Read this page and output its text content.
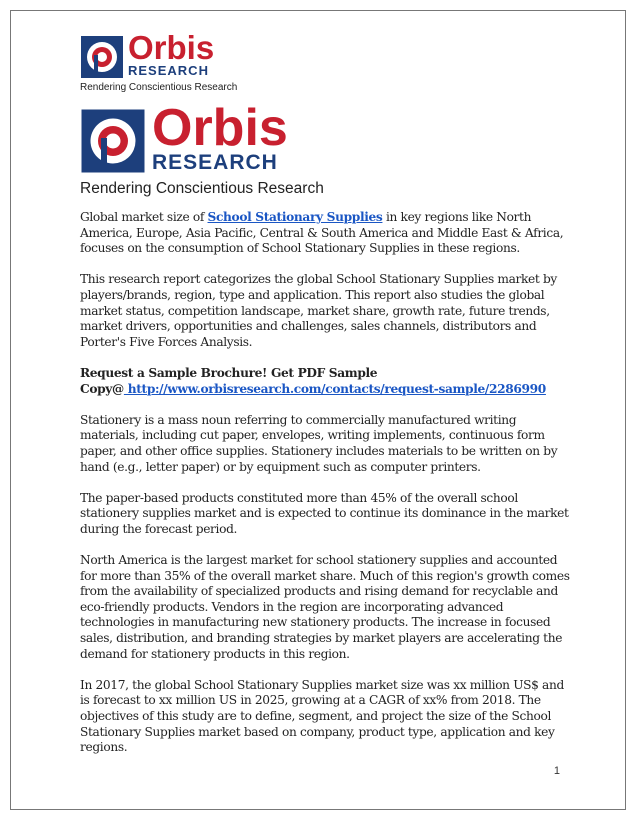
Orbis
RESEARCH
Rendering Conscientious Research
Orbis
RESEARCH
Rendering Conscientious Research

Global market size of School Stationary Supplies in key regions like North America, Europe, Asia Pacific, Central & South America and Middle East & Africa, focuses on the consumption of School Stationary Supplies in these regions.

This research report categorizes the global School Stationary Supplies market by players/brands, region, type and application. This report also studies the global market status, competition landscape, market share, growth rate, future trends, market drivers, opportunities and challenges, sales channels, distributors and Porter's Five Forces Analysis.

Request a Sample Brochure! Get PDF Sample
Copy@ http://www.orbisresearch.com/contacts/request-sample/2286990

Stationery is a mass noun referring to commercially manufactured writing materials, including cut paper, envelopes, writing implements, continuous form paper, and other office supplies. Stationery includes materials to be written on by hand (e.g., letter paper) or by equipment such as computer printers.

The paper-based products constituted more than 45% of the overall school stationery supplies market and is expected to continue its dominance in the market during the forecast period.

North America is the largest market for school stationery supplies and accounted for more than 35% of the overall market share. Much of this region's growth comes from the availability of specialized products and rising demand for recyclable and eco-friendly products. Vendors in the region are incorporating advanced technologies in manufacturing new stationery products. The increase in focused sales, distribution, and branding strategies by market players are accelerating the demand for stationery products in this region.

In 2017, the global School Stationary Supplies market size was xx million US$ and is forecast to xx million US in 2025, growing at a CAGR of xx% from 2018. The objectives of this study are to define, segment, and project the size of the School Stationary Supplies market based on company, product type, application and key regions.

1
